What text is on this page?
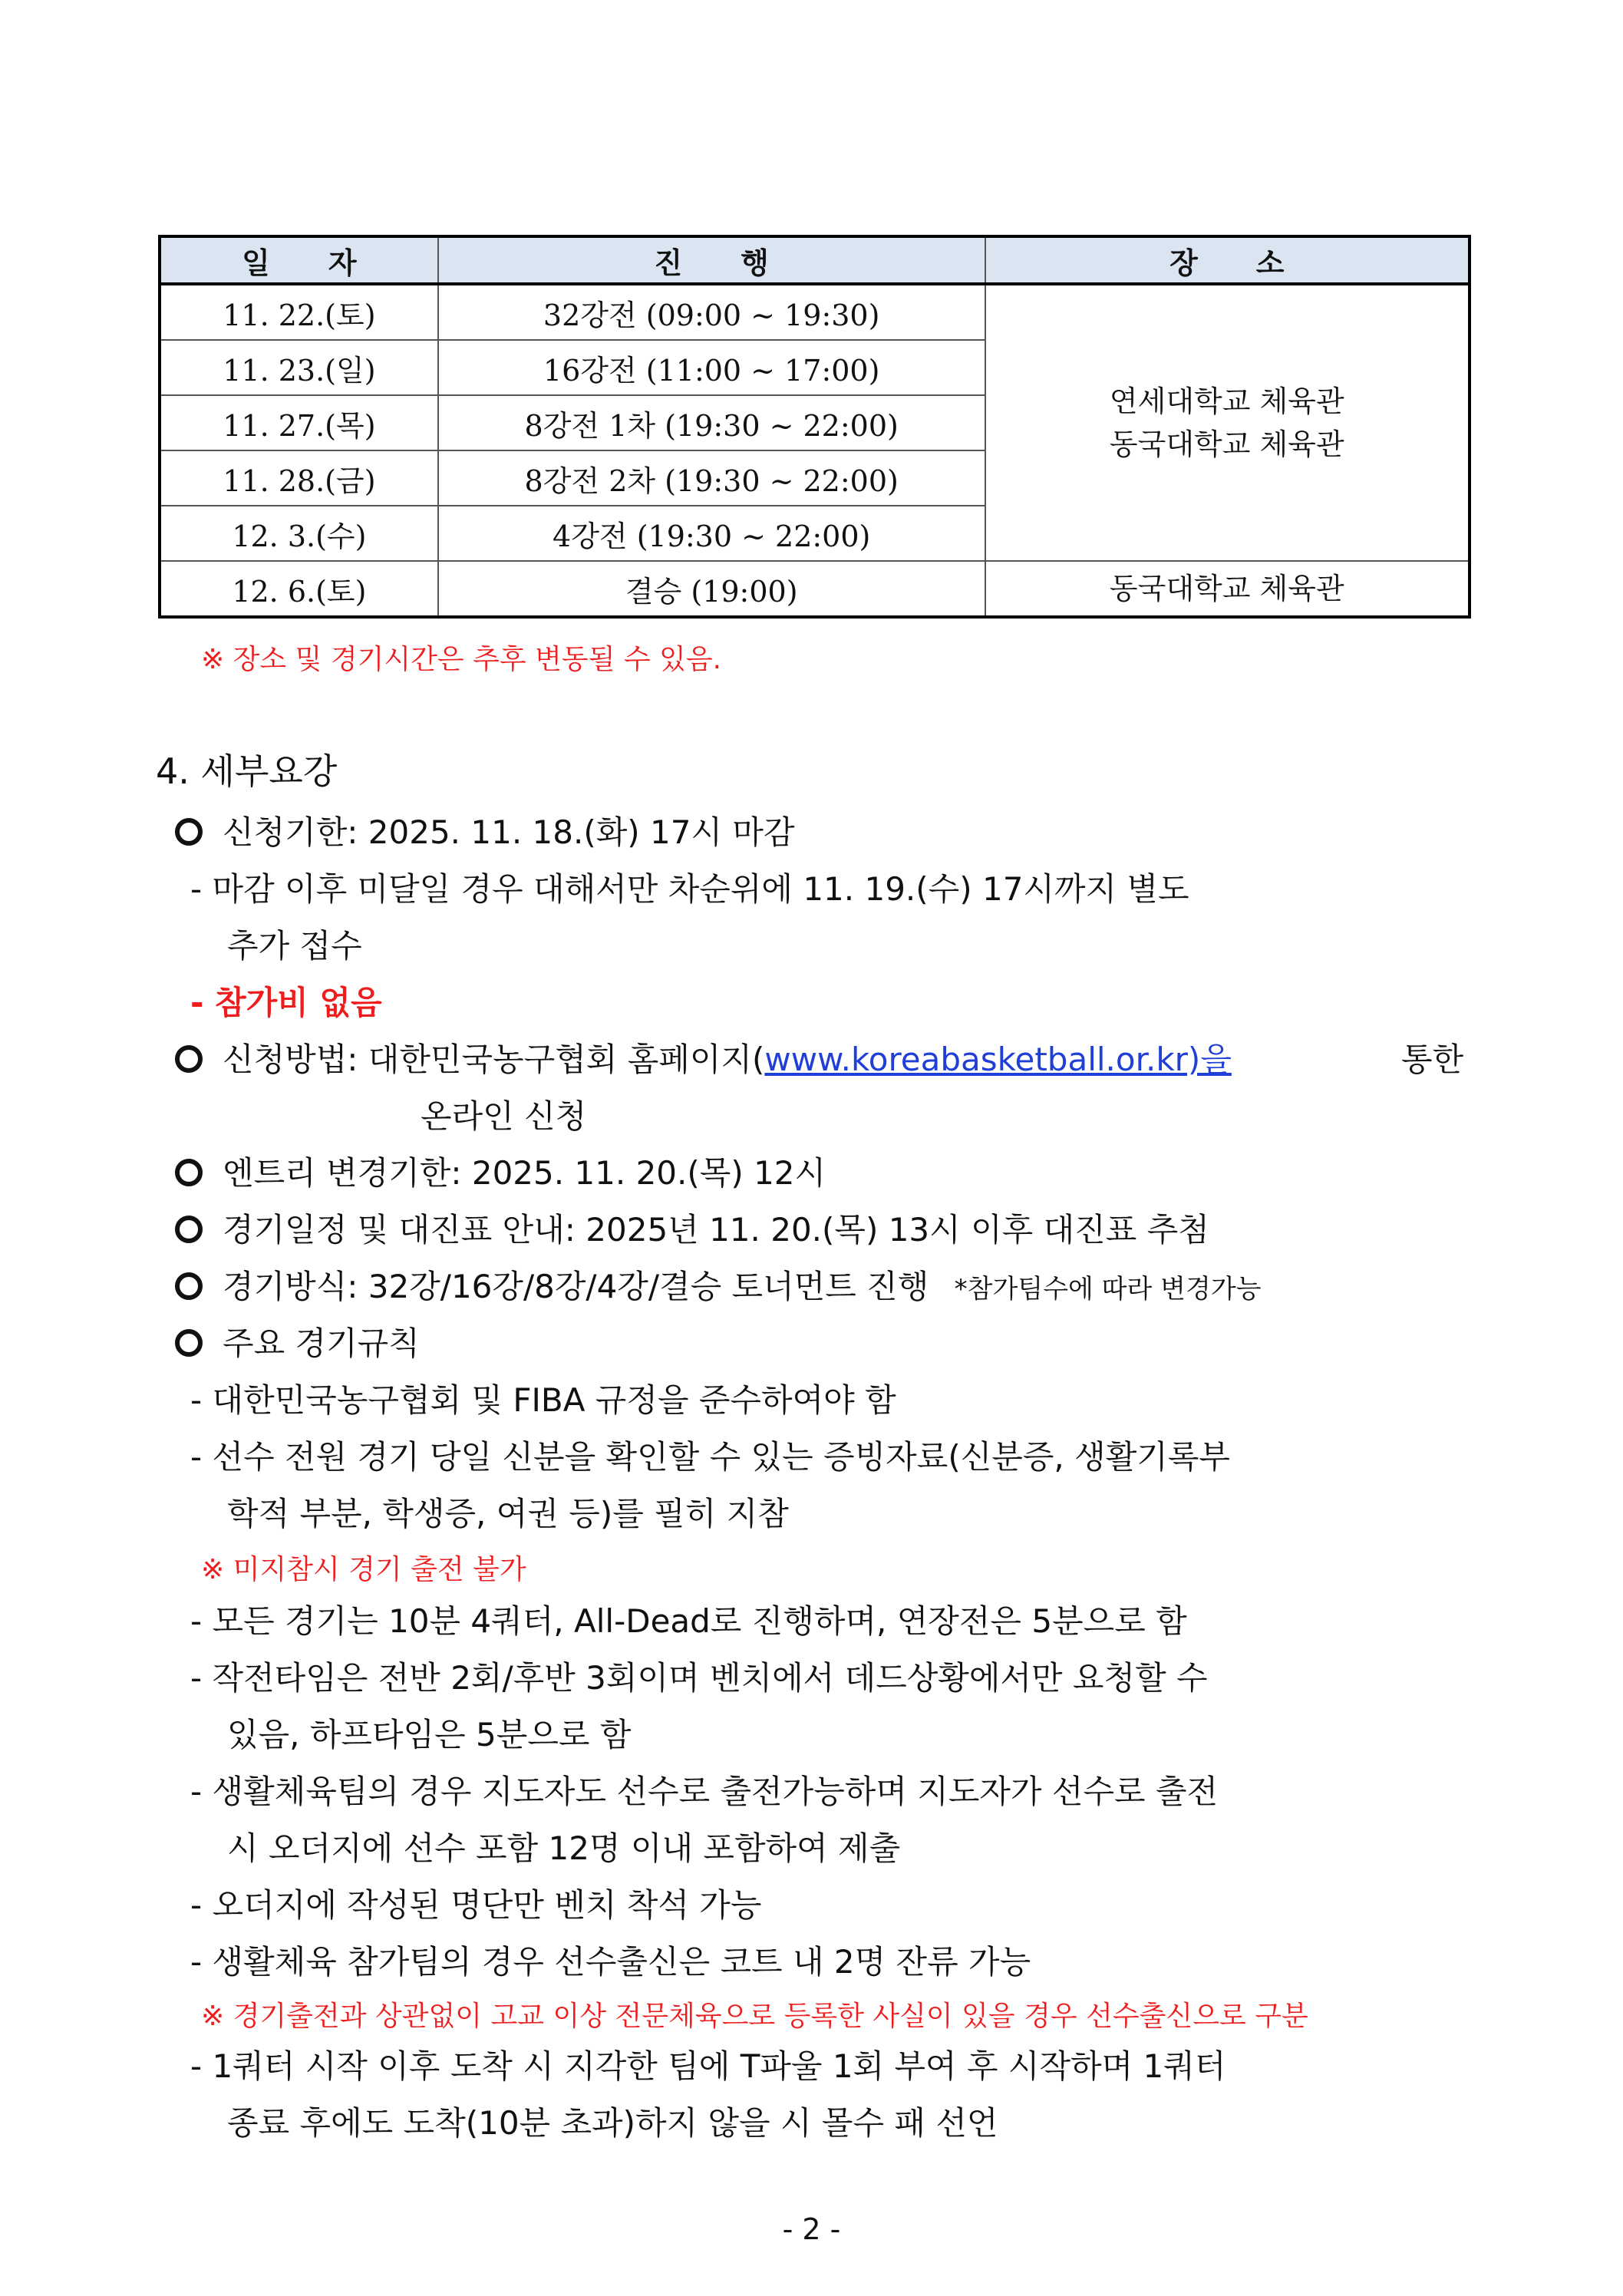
일　　자	진　　행	장　　소
11. 22.(토)	32강전 (09:00 ~ 19:30)	연세대학교 체육관
동국대학교 체육관

11. 23.(일)	16강전 (11:00 ~ 17:00)	
11. 27.(목)	8강전 1차 (19:30 ~ 22:00)	
11. 28.(금)	8강전 2차 (19:30 ~ 22:00)	
12. 3.(수)	4강전 (19:30 ~ 22:00)	
12. 6.(토)	결승 (19:00)	동국대학교 체육관
※ 장소 및 경기시간은 추후 변동될 수 있음.
4. 세부요강
신청기한: 2025. 11. 18.(화) 17시 마감
- 마감 이후 미달일 경우 대해서만 차순위에 11. 19.(수) 17시까지 별도
추가 접수
- 참가비 없음
신청방법: 대한민국농구협회 홈페이지(www.koreabasketball.or.kr)을	통한
온라인 신청
엔트리 변경기한: 2025. 11. 20.(목) 12시
경기일정 및 대진표 안내: 2025년 11. 20.(목) 13시 이후 대진표 추첨
경기방식: 32강/16강/8강/4강/결승 토너먼트 진행 *참가팀수에 따라 변경가능
주요 경기규칙
- 대한민국농구협회 및 FIBA 규정을 준수하여야 함
- 선수 전원 경기 당일 신분을 확인할 수 있는 증빙자료(신분증, 생활기록부
학적 부분, 학생증, 여권 등)를 필히 지참
※ 미지참시 경기 출전 불가
- 모든 경기는 10분 4쿼터, All-Dead로 진행하며, 연장전은 5분으로 함
- 작전타임은 전반 2회/후반 3회이며 벤치에서 데드상황에서만 요청할 수
있음, 하프타임은 5분으로 함
- 생활체육팀의 경우 지도자도 선수로 출전가능하며 지도자가 선수로 출전
시 오더지에 선수 포함 12명 이내 포함하여 제출
- 오더지에 작성된 명단만 벤치 착석 가능
- 생활체육 참가팀의 경우 선수출신은 코트 내 2명 잔류 가능
※ 경기출전과 상관없이 고교 이상 전문체육으로 등록한 사실이 있을 경우 선수출신으로 구분
- 1쿼터 시작 이후 도착 시 지각한 팀에 T파울 1회 부여 후 시작하며 1쿼터
종료 후에도 도착(10분 초과)하지 않을 시 몰수 패 선언
- 2 -
